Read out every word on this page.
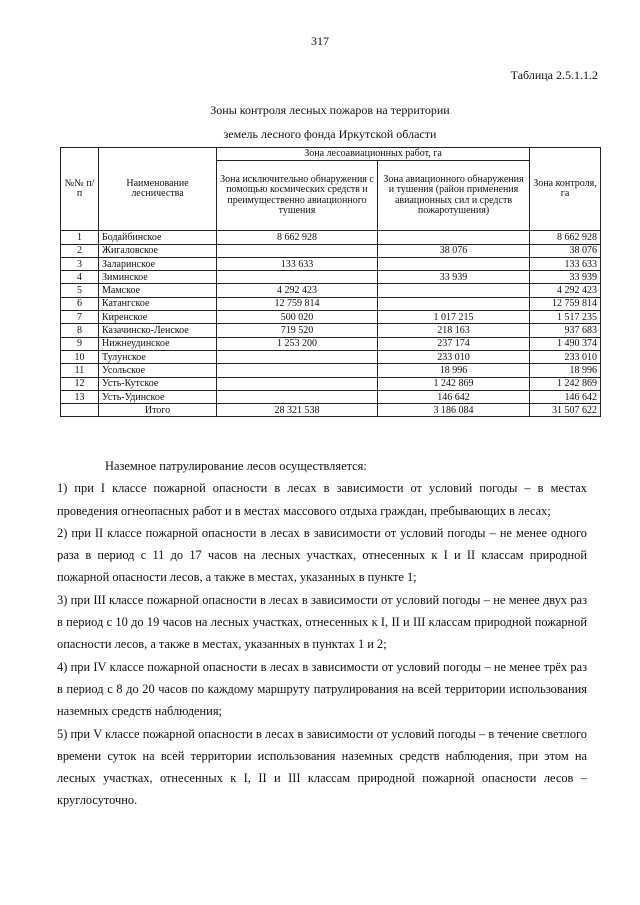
317
Таблица 2.5.1.1.2
Зоны контроля лесных пожаров на территории
земель лесного фонда Иркутской области
№№ п/п	Наименование лесничества	Зона лесоавиационных работ, га		Зона контроля, га
		Зона исключительно обнаружения с помощью космических средств и преимущественно авиационного тушения	Зона авиационного обнаружения и тушения (район применения авиационных сил и средств пожаротушения)	
1	Бодайбинское	8 662 928		8 662 928
2	Жигаловское		38 076	38 076
3	Заларинское	133 633		133 633
4	Зиминское		33 939	33 939
5	Мамское	4 292 423		4 292 423
6	Катангское	12 759 814		12 759 814
7	Киренское	500 020	1 017 215	1 517 235
8	Казачинско-Ленское	719 520	218 163	937 683
9	Нижнеудинское	1 253 200	237 174	1 490 374
10	Тулунское		233 010	233 010
11	Усольское		18 996	18 996
12	Усть-Кутское		1 242 869	1 242 869
13	Усть-Удинское		146 642	146 642
	Итого	28 321 538	3 186 084	31 507 622

Наземное патрулирование лесов осуществляется:

1) при I классе пожарной опасности в лесах в зависимости от условий погоды – в местах проведения огнеопасных работ и в местах массового отдыха граждан, пребывающих в лесах;

2) при II классе пожарной опасности в лесах в зависимости от условий погоды – не менее одного раза в период с 11 до 17 часов на лесных участках, отнесенных к I и II классам природной пожарной опасности лесов, а также в местах, указанных в пункте 1;

3) при III классе пожарной опасности в лесах в зависимости от условий погоды – не менее двух раз в период с 10 до 19 часов на лесных участках, отнесенных к I, II и III классам природной пожарной опасности лесов, а также в местах, указанных в пунктах 1 и 2;

4) при IV классе пожарной опасности в лесах в зависимости от условий погоды – не менее трёх раз в период с 8 до 20 часов по каждому маршруту патрулирования на всей территории использования наземных средств наблюдения;

5) при V классе пожарной опасности в лесах в зависимости от условий погоды – в течение светлого времени суток на всей территории использования наземных средств наблюдения, при этом на лесных участках, отнесенных к I, II и III классам природной пожарной опасности лесов – круглосуточно.
